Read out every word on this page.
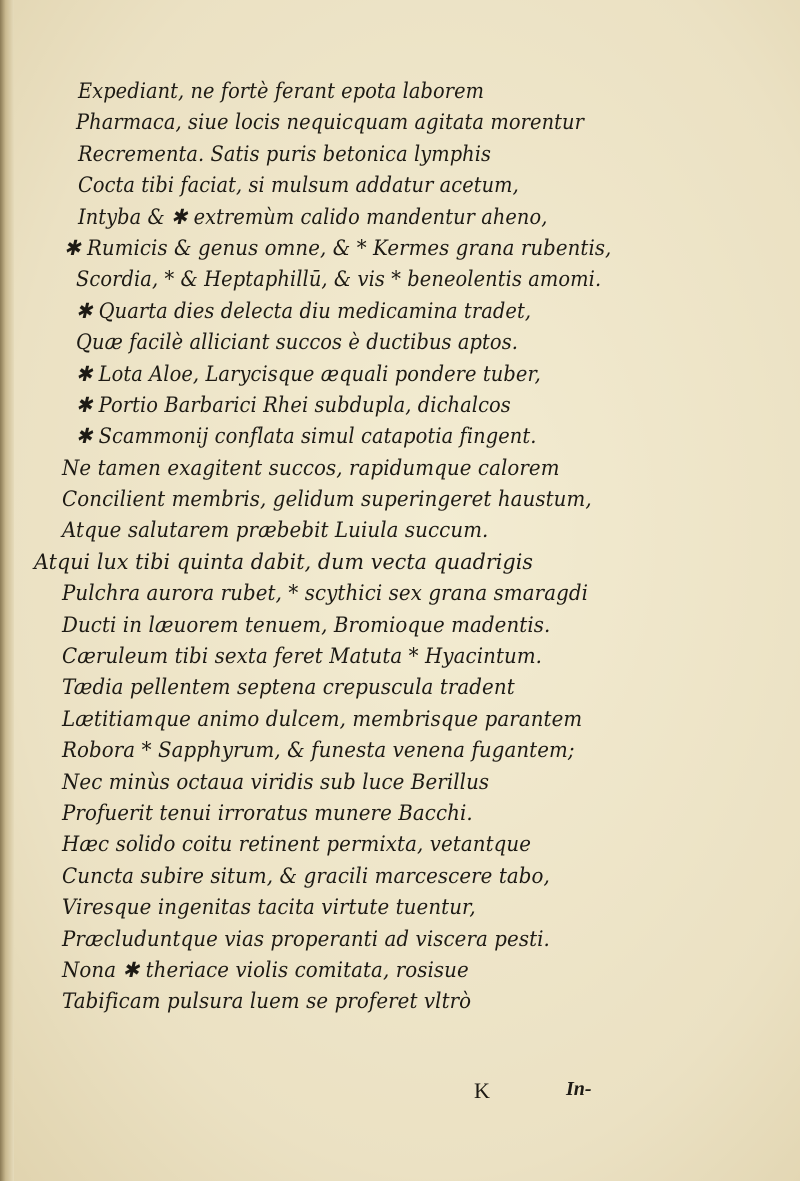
Expediant, ne fortè ferant epota laborem
Pharmaca, siue locis nequicquam agitata morentur
Recrementa. Satis puris betonica lymphis
Cocta tibi faciat, si mulsum addatur acetum,
Intyba & ✱ extremùm calido mandentur aheno,
✱ Rumicis & genus omne, & * Kermes grana rubentis,
Scordia, * & Heptaphillū, & vis * beneolentis amomi.
✱ Quarta dies delecta diu medicamina tradet,
Quæ facilè alliciant succos è ductibus aptos.
✱ Lota Aloe, Larycisque æquali pondere tuber,
✱ Portio Barbarici Rhei subdupla, dichalcos
✱ Scammonij conflata simul catapotia fingent.
Ne tamen exagitent succos, rapidumque calorem
Concilient membris, gelidum superingeret haustum,
Atque salutarem præbebit Luiula succum.
Atqui lux tibi quinta dabit, dum vecta quadrigis
Pulchra aurora rubet, * scythici sex grana smaragdi
Ducti in læuorem tenuem, Bromioque madentis.
Cæruleum tibi sexta feret Matuta * Hyacintum.
Tædia pellentem septena crepuscula tradent
Lætitiamque animo dulcem, membrisque parantem
Robora * Sapphyrum, & funesta venena fugantem;
Nec minùs octaua viridis sub luce Berillus
Profuerit tenui irroratus munere Bacchi.
Hæc solido coitu retinent permixta, vetantque
Cuncta subire situm, & gracili marcescere tabo,
Viresque ingenitas tacita virtute tuentur,
Præcluduntque vias properanti ad viscera pesti.
Nona ✱ theriace violis comitata, rosisue
Tabificam pulsura luem se proferet vltrò
K	In-
